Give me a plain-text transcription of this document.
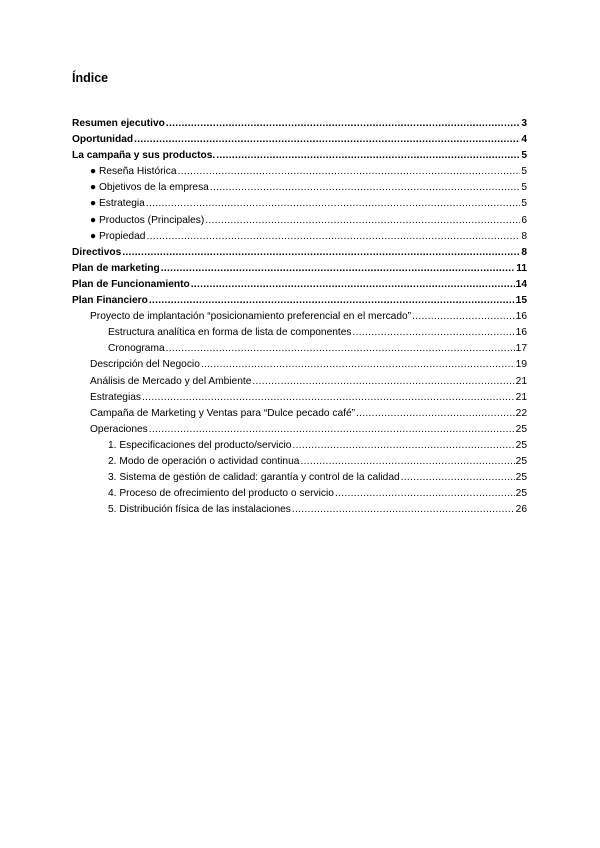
Índice
Resumen ejecutivo .....	3
Oportunidad .....	4
La campaña y sus productos. .....	5
● Reseña Histórica .....	5
● Objetivos de la empresa .....	5
● Estrategia .....	5
● Productos (Principales) .....	6
● Propiedad .....	8
Directivos .....	8
Plan de marketing .....	11
Plan de Funcionamiento .....	14
Plan Financiero .....	15
Proyecto de implantación “posicionamiento preferencial en el mercado” .....	16
Estructura analítica en forma de lista de componentes .....	16
Cronograma .....	17
Descripción del Negocio .....	19
Análisis de Mercado y del Ambiente .....	21
Estrategias .....	21
Campaña de Marketing y Ventas para “Dulce pecado café” .....	22
Operaciones .....	25
1. Especificaciones del producto/servicio .....	25
2. Modo de operación o actividad continua .....	25
3. Sistema de gestión de calidad: garantía y control de la calidad .....	25
4. Proceso de ofrecimiento del producto o servicio .....	25
5. Distribución física de las instalaciones .....	26
